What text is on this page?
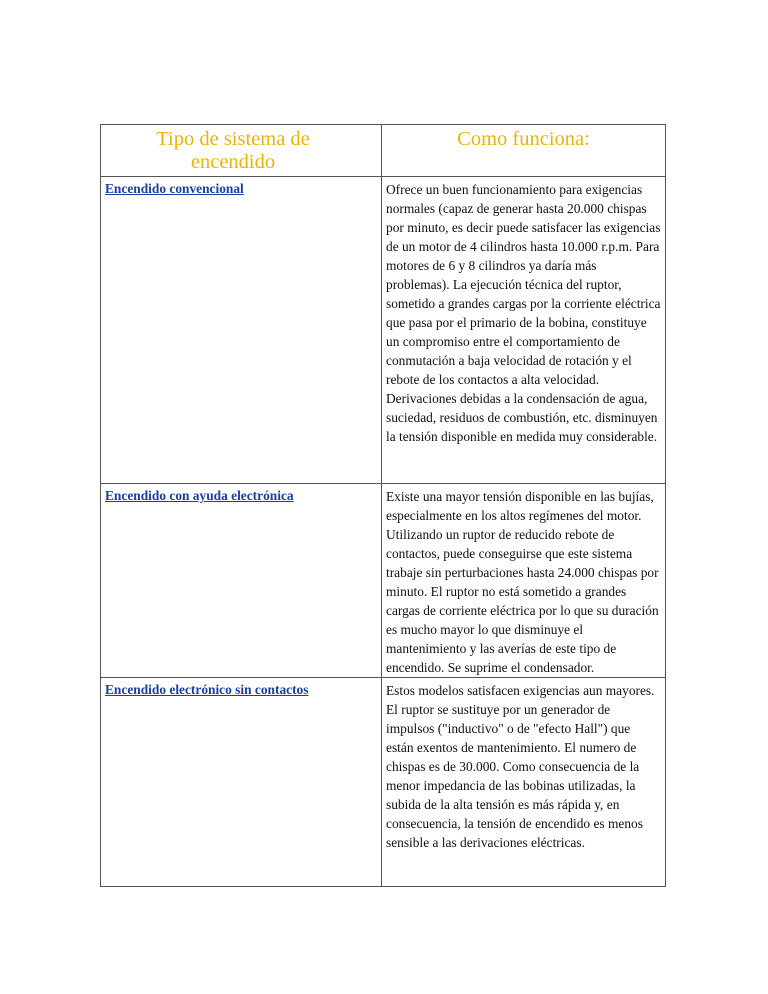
Tipo de sistema de encendido	Como funciona:

Encendido convencional	Ofrece un buen funcionamiento para exigencias normales (capaz de generar hasta 20.000 chispas por minuto, es decir puede satisfacer las exigencias de un motor de 4 cilindros hasta 10.000 r.p.m. Para motores de 6 y 8 cilindros ya daría más problemas). La ejecución técnica del ruptor, sometido a grandes cargas por la corriente eléctrica que pasa por el primario de la bobina, constituye un compromiso entre el comportamiento de conmutación a baja velocidad de rotación y el rebote de los contactos a alta velocidad. Derivaciones debidas a la condensación de agua, suciedad, residuos de combustión, etc. disminuyen la tensión disponible en medida muy considerable.

Encendido con ayuda electrónica	Existe una mayor tensión disponible en las bujías, especialmente en los altos regímenes del motor. Utilizando un ruptor de reducido rebote de contactos, puede conseguirse que este sistema trabaje sin perturbaciones hasta 24.000 chispas por minuto. El ruptor no está sometido a grandes cargas de corriente eléctrica por lo que su duración es mucho mayor lo que disminuye el mantenimiento y las averías de este tipo de encendido. Se suprime el condensador.

Encendido electrónico sin contactos	Estos modelos satisfacen exigencias aun mayores. El ruptor se sustituye por un generador de impulsos ("inductivo" o de "efecto Hall") que están exentos de mantenimiento. El numero de chispas es de 30.000. Como consecuencia de la menor impedancia de las bobinas utilizadas, la subida de la alta tensión es más rápida y, en consecuencia, la tensión de encendido es menos sensible a las derivaciones eléctricas.
